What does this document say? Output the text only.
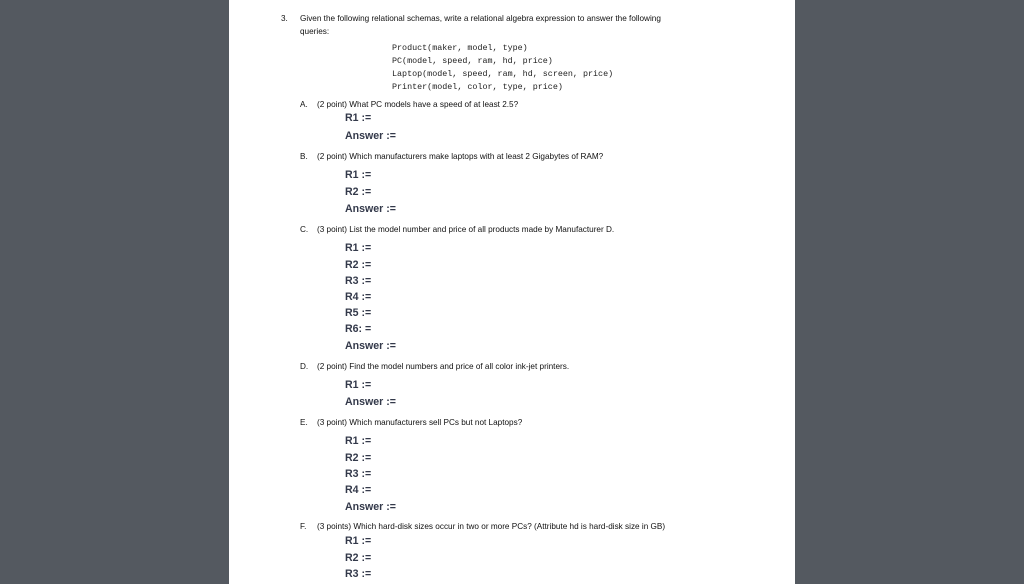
3. Given the following relational schemas, write a relational algebra expression to answer the following
queries:
Product(maker, model, type)
PC(model, speed, ram, hd, price)
Laptop(model, speed, ram, hd, screen, price)
Printer(model, color, type, price)
A. (2 point) What PC models have a speed of at least 2.5?
R1 :=
Answer :=
B. (2 point) Which manufacturers make laptops with at least 2 Gigabytes of RAM?
R1 :=
R2 :=
Answer :=
C. (3 point) List the model number and price of all products made by Manufacturer D.
R1 :=
R2 :=
R3 :=
R4 :=
R5 :=
R6: =
Answer :=
D. (2 point) Find the model numbers and price of all color ink-jet printers.
R1 :=
Answer :=
E. (3 point) Which manufacturers sell PCs but not Laptops?
R1 :=
R2 :=
R3 :=
R4 :=
Answer :=
F. (3 points) Which hard-disk sizes occur in two or more PCs? (Attribute hd is hard-disk size in GB)
R1 :=
R2 :=
R3 :=
